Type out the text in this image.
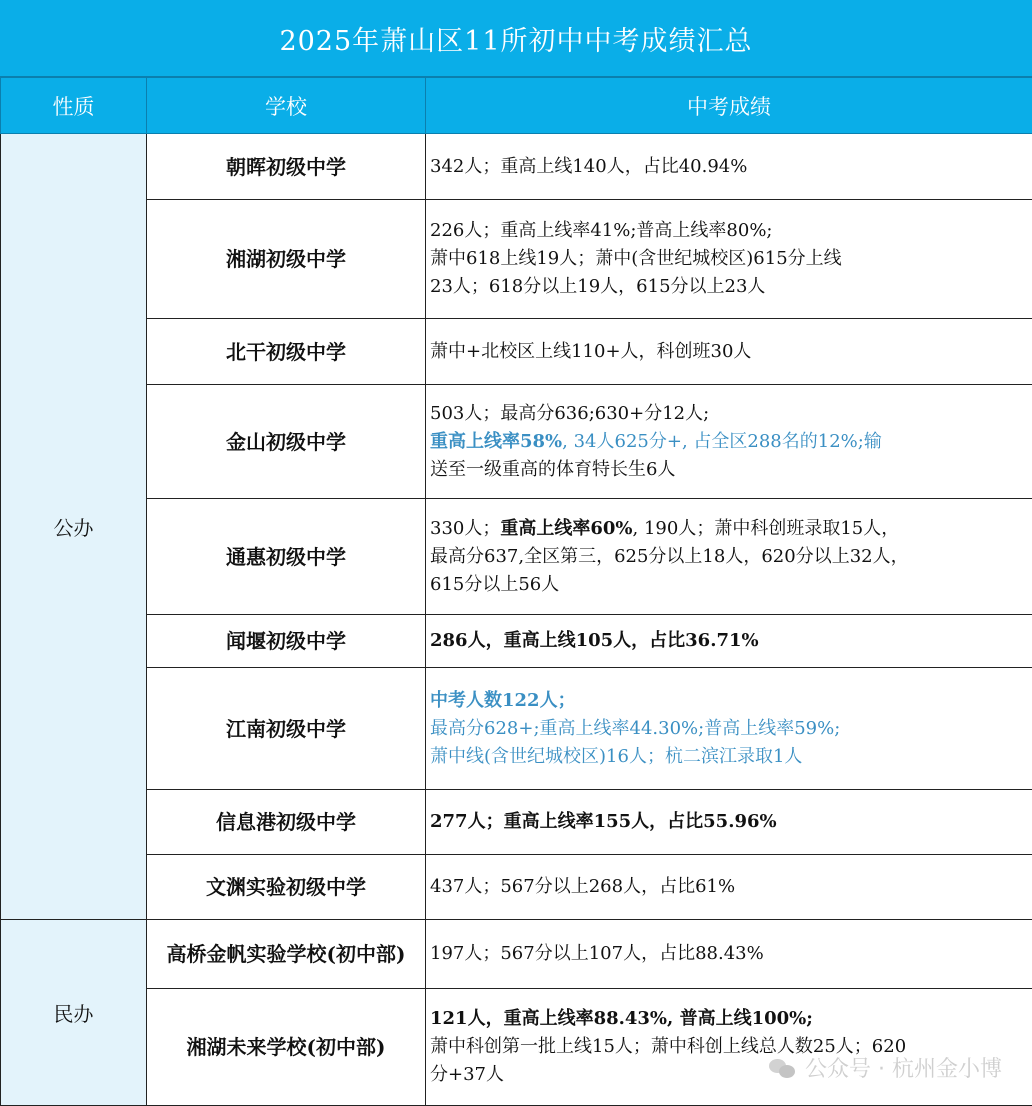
2025年萧山区11所初中中考成绩汇总
性质	学校	中考成绩
公办	朝晖初级中学	342人；重高上线140人，占比40.94%

	湘湖初级中学	226人；重高上线率41%;普高上线率80%;
萧中618上线19人；萧中(含世纪城校区)615分上线
23人；618分以上19人，615分以上23人

	北干初级中学	萧中+北校区上线110+人，科创班30人

	金山初级中学	503人；最高分636;630+分12人;
重高上线率58%, 34人625分+, 占全区288名的12%;输
送至一级重高的体育特长生6人

	通惠初级中学	330人；重高上线率60%, 190人；萧中科创班录取15人，
最高分637,全区第三，625分以上18人，620分以上32人，
615分以上56人

	闻堰初级中学	286人，重高上线105人，占比36.71%

	江南初级中学	中考人数122人；
最高分628+;重高上线率44.30%;普高上线率59%;
萧中线(含世纪城校区)16人；杭二滨江录取1人

	信息港初级中学	277人；重高上线率155人，占比55.96%

	文渊实验初级中学	437人；567分以上268人，占比61%

民办	高桥金帆实验学校(初中部)	197人；567分以上107人，占比88.43%

	湘湖未来学校(初中部)	121人，重高上线率88.43%, 普高上线100%;
萧中科创第一批上线15人；萧中科创上线总人数25人；620
分+37人	公众号 · 杭州金小博
